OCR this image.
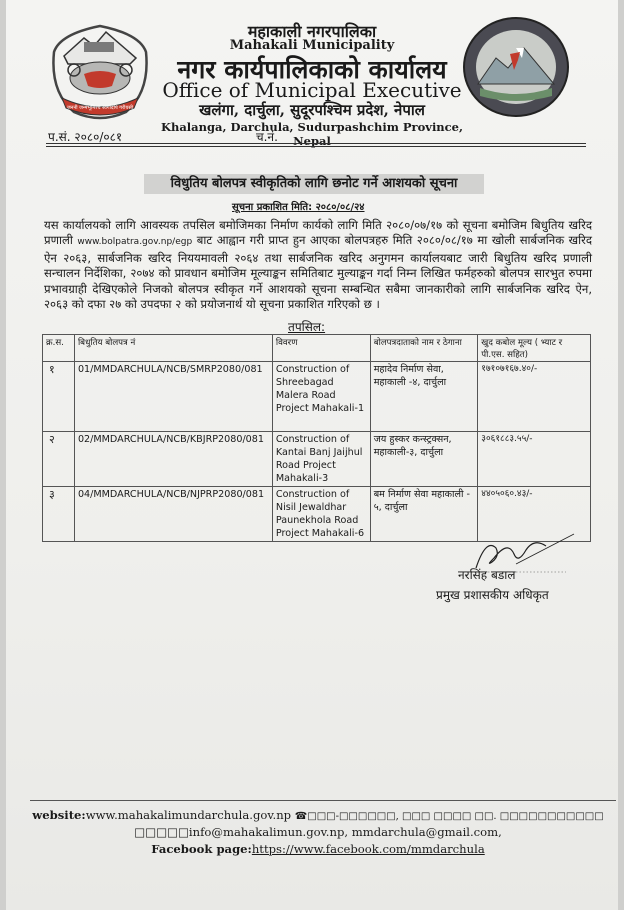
जननी जन्मभूमिश्च स्वर्गादपि गरीयसी
महाकाली नगरपालिका
Mahakali Municipality
नगर कार्यपालिकाको कार्यालय
Office of Municipal Executive
खलंगा, दार्चुला, सुदूरपश्चिम प्रदेश, नेपाल
Khalanga, Darchula, Sudurpashchim Province, Nepal
प.सं. २०८०/०८१	च.नं.
विधुतिय बोलपत्र स्वीकृतिको लागि छनोट गर्ने आशयको सूचना
सूचना प्रकाशित मिति: २०८०/०८/२४

यस कार्यालयको लागि आवस्यक तपसिल बमोजिमका निर्माण कार्यको लागि मिति २०८०/०७/१७ को सूचना बमोजिम बिधुतिय खरिद प्रणाली www.bolpatra.gov.np/egp बाट आह्वान गरी प्राप्त हुन आएका बोलपत्रहरु मिति २०८०/०८/१७ मा खोली सार्बजनिक खरिद ऐन २०६३, सार्बजनिक खरिद निययमावली २०६४ तथा सार्बजनिक खरिद अनुगमन कार्यालयबाट जारी बिधुतिय खरिद प्रणाली सन्चालन निर्देशिका, २०७४ को प्रावधान बमोजिम मूल्याङ्कन समितिबाट मुल्याङ्कन गर्दा निम्न लिखित फर्महरुको बोलपत्र सारभुत रुपमा प्रभावग्राही देखिएकोले निजको बोलपत्र स्वीकृत गर्ने आशयको सूचना सम्बन्धित सबैमा जानकारीको लागि सार्बजनिक खरिद ऐन, २०६३ को दफा २७ को उपदफा २ को प्रयोजनार्थ यो सूचना प्रकाशित गरिएको छ ।

तपसिल:
क्र.स.	बिधुतिय बोलपत्र नं	विवरण	बोलपत्रदाताको नाम र ठेगाना	खुद कबोल मूल्य ( भ्याट र पी.एस. सहित)
१	01/MMDARCHULA/NCB/SMRP2080/081	Construction of Shreebagad Malera Road Project Mahakali-1	महादेव निर्माण सेवा, महाकाली -४, दार्चुला	१७१०७१६७.४०/-
२	02/MMDARCHULA/NCB/KBJRP2080/081	Construction of Kantai Banj Jaijhul Road Project Mahakali-3	जय हुस्कर कन्स्ट्रक्सन, महाकाली-३, दार्चुला	३०६१८८३.५५/-
३	04/MMDARCHULA/NCB/NJPRP2080/081	Construction of Nisil Jewaldhar Paunekhola Road Project Mahakali-6	बम निर्माण सेवा महाकाली - ५, दार्चुला	४४०५०६०.४३/-
नरसिंह बडाल
प्रमुख प्रशासकीय अधिकृत
website:www.mahakalimundarchula.gov.np ☎□□□-□□□□□□, □□□ □□□□ □□. □□□□□□□□□□□
□□□□□info@mahakalimun.gov.np, mmdarchula@gmail.com,
Facebook page:https://www.facebook.com/mmdarchula
